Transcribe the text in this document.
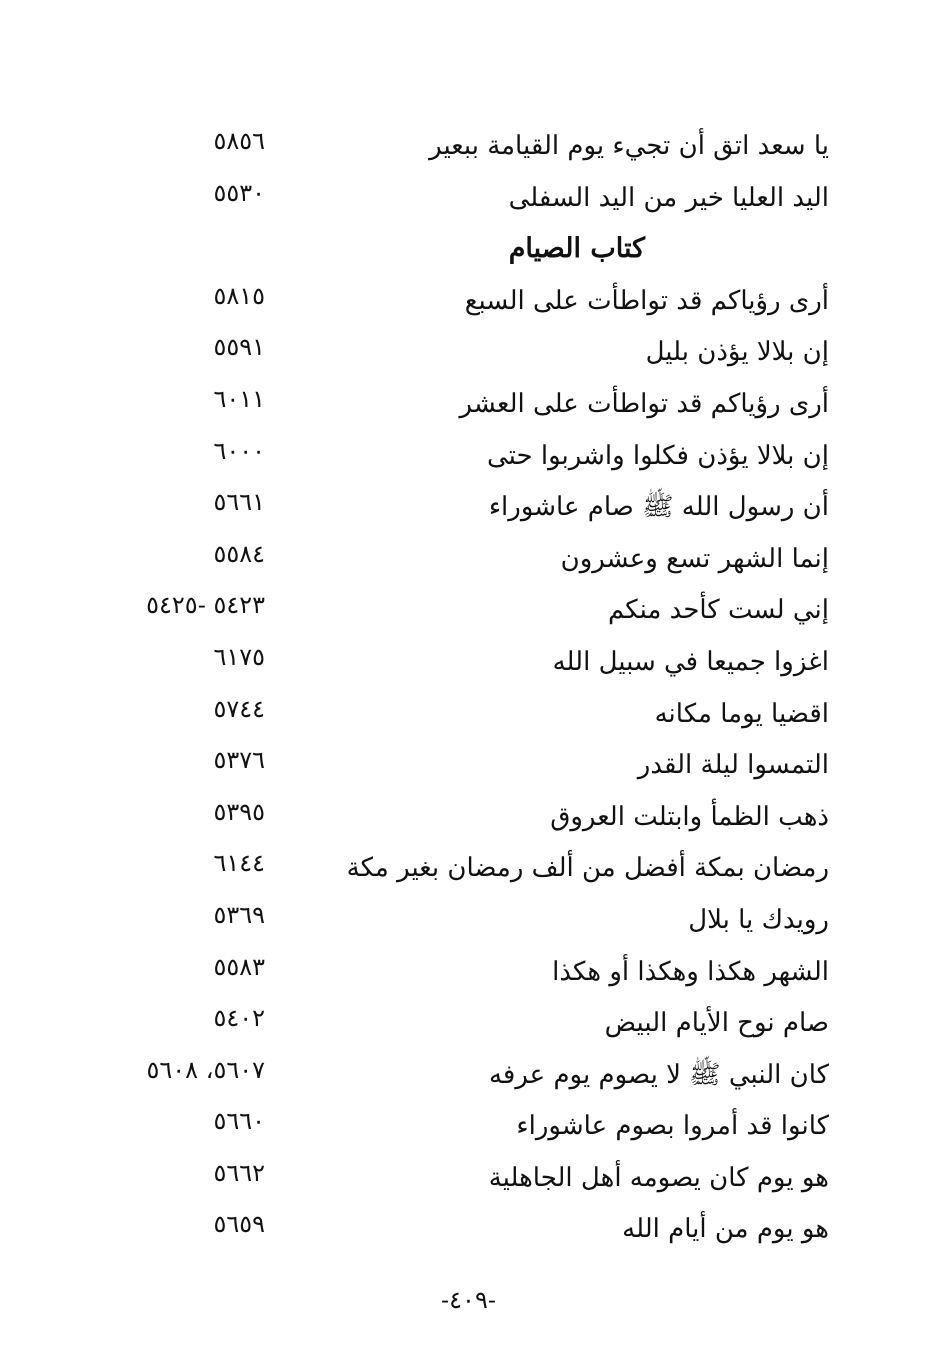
يا سعد اتق أن تجيء يوم القيامة ببعير
٥٨٥٦
اليد العليا خير من اليد السفلى
٥٥٣٠
كتاب الصيام
أرى رؤياكم قد تواطأت على السبع
٥٨١٥
إن بلالا يؤذن بليل
٥٥٩١
أرى رؤياكم قد تواطأت على العشر
٦٠١١
إن بلالا يؤذن فكلوا واشربوا حتى
٦٠٠٠
أن رسول الله ﷺ صام عاشوراء
٥٦٦١
إنما الشهر تسع وعشرون
٥٥٨٤
إني لست كأحد منكم
٥٤٢٣ -٥٤٢٥
اغزوا جميعا في سبيل الله
٦١٧٥
اقضيا يوما مكانه
٥٧٤٤
التمسوا ليلة القدر
٥٣٧٦
ذهب الظمأ وابتلت العروق
٥٣٩٥
رمضان بمكة أفضل من ألف رمضان بغير مكة
٦١٤٤
رويدك يا بلال
٥٣٦٩
الشهر هكذا وهكذا أو هكذا
٥٥٨٣
صام نوح الأيام البيض
٥٤٠٢
كان النبي ﷺ لا يصوم يوم عرفه
٥٦٠٧، ٥٦٠٨
كانوا قد أمروا بصوم عاشوراء
٥٦٦٠
هو يوم كان يصومه أهل الجاهلية
٥٦٦٢
هو يوم من أيام الله
٥٦٥٩
-٤٠٩-
